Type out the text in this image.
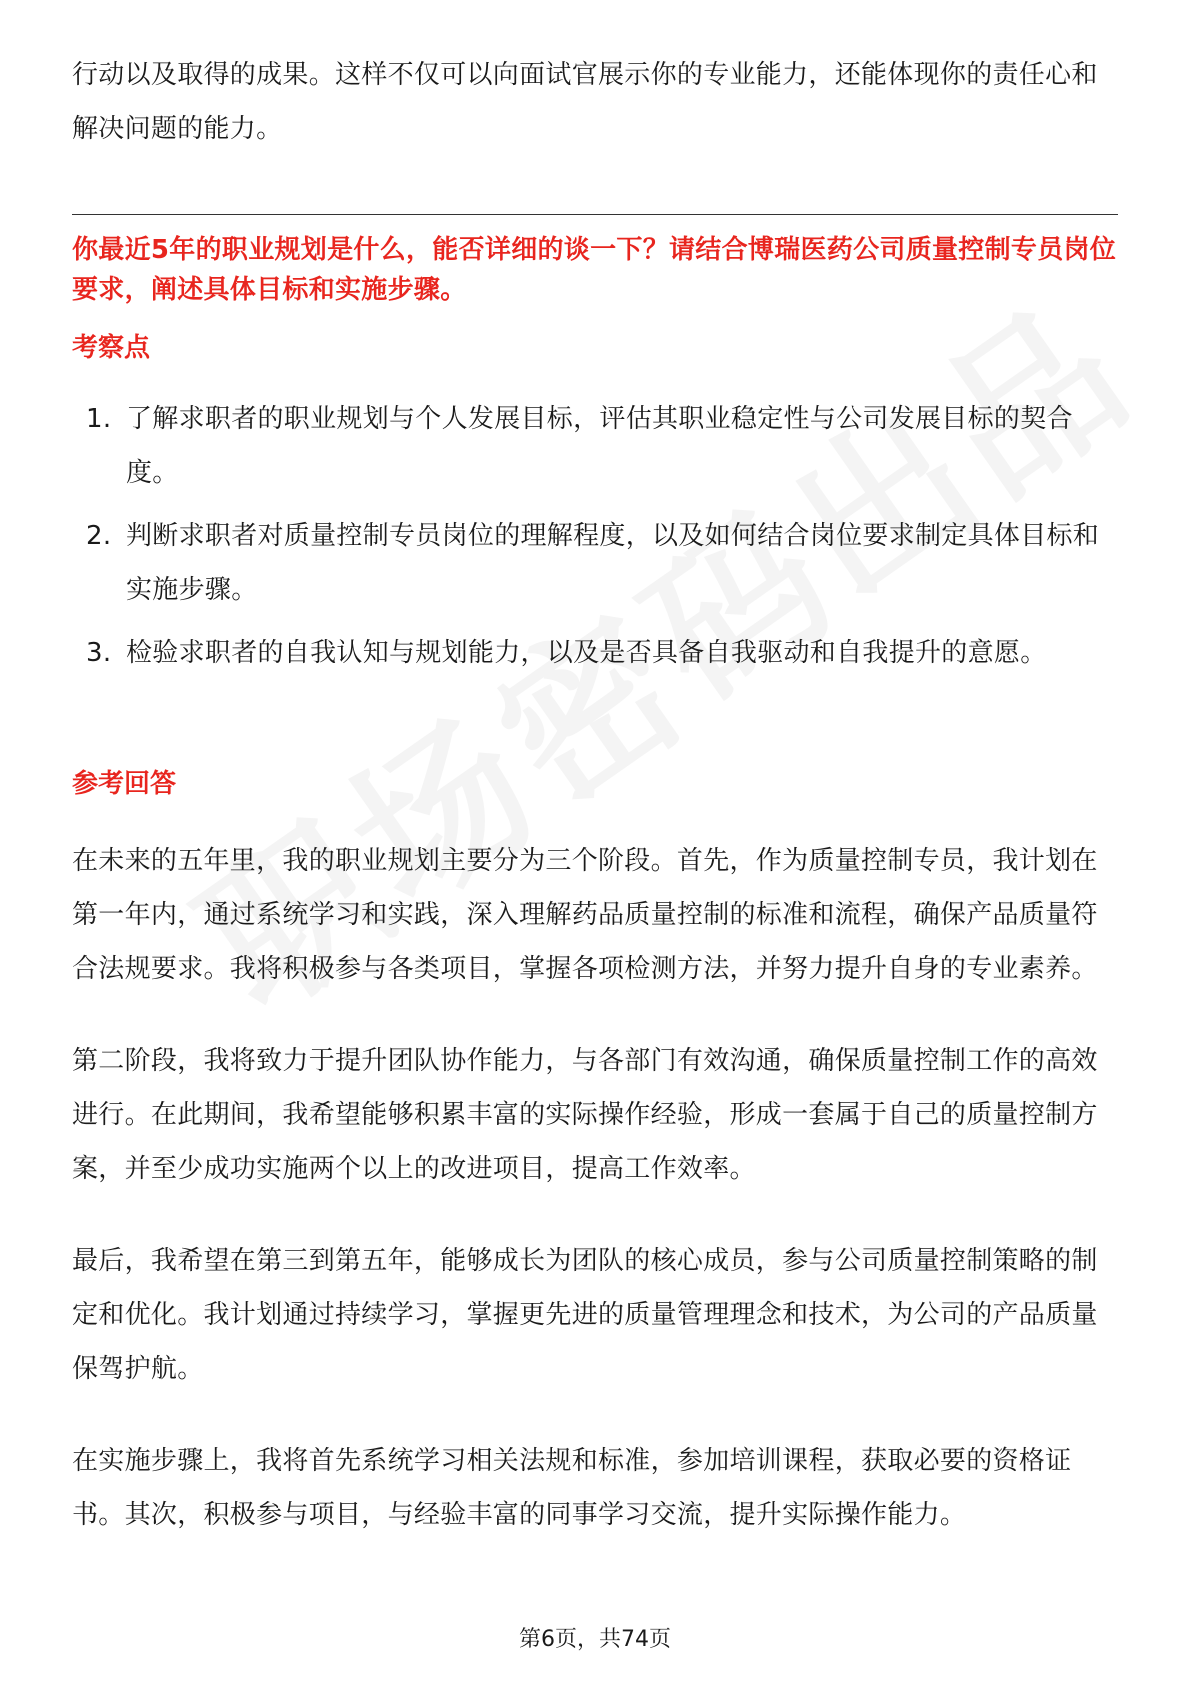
行动以及取得的成果。这样不仅可以向面试官展示你的专业能力，还能体现你的责任心和解决问题的能力。
你最近5年的职业规划是什么，能否详细的谈一下？请结合博瑞医药公司质量控制专员岗位要求，阐述具体目标和实施步骤。
考察点
1. 了解求职者的职业规划与个人发展目标，评估其职业稳定性与公司发展目标的契合度。
2. 判断求职者对质量控制专员岗位的理解程度，以及如何结合岗位要求制定具体目标和实施步骤。
3. 检验求职者的自我认知与规划能力，以及是否具备自我驱动和自我提升的意愿。
参考回答

在未来的五年里，我的职业规划主要分为三个阶段。首先，作为质量控制专员，我计划在第一年内，通过系统学习和实践，深入理解药品质量控制的标准和流程，确保产品质量符合法规要求。我将积极参与各类项目，掌握各项检测方法，并努力提升自身的专业素养。

第二阶段，我将致力于提升团队协作能力，与各部门有效沟通，确保质量控制工作的高效进行。在此期间，我希望能够积累丰富的实际操作经验，形成一套属于自己的质量控制方案，并至少成功实施两个以上的改进项目，提高工作效率。

最后，我希望在第三到第五年，能够成长为团队的核心成员，参与公司质量控制策略的制定和优化。我计划通过持续学习，掌握更先进的质量管理理念和技术，为公司的产品质量保驾护航。

在实施步骤上，我将首先系统学习相关法规和标准，参加培训课程，获取必要的资格证书。其次，积极参与项目，与经验丰富的同事学习交流，提升实际操作能力。

第6页，共74页
